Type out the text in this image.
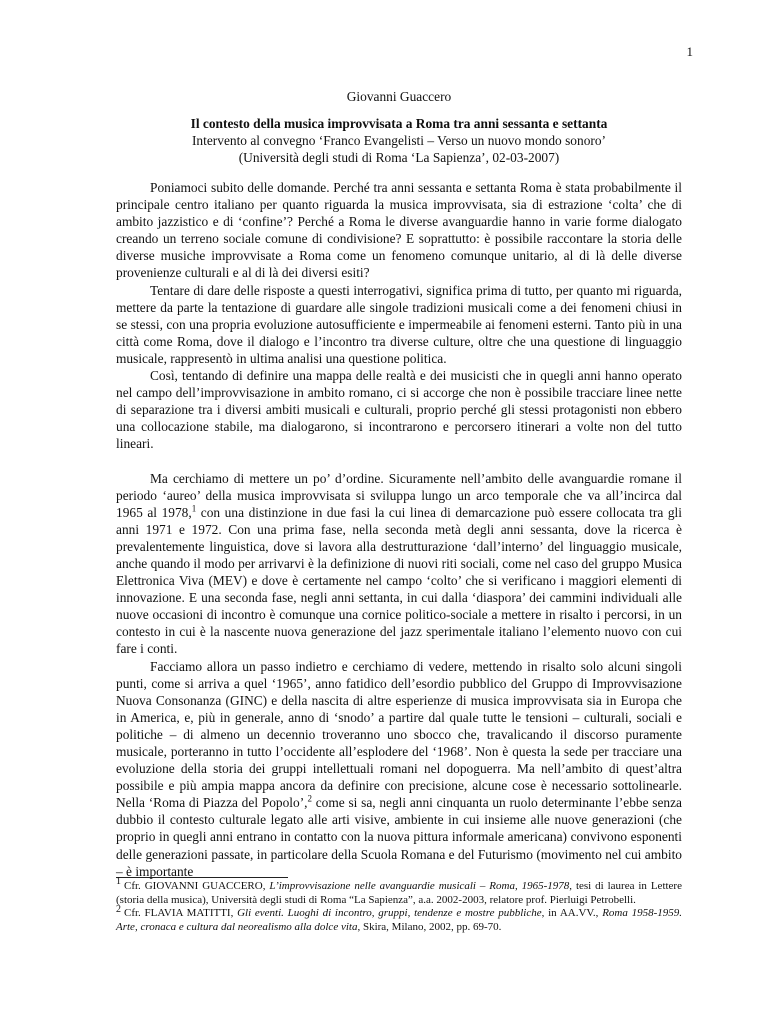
1

Giovanni Guaccero

Il contesto della musica improvvisata a Roma tra anni sessanta e settanta

Intervento al convegno ‘Franco Evangelisti – Verso un nuovo mondo sonoro’

(Università degli studi di Roma ‘La Sapienza’, 02-03-2007)

Poniamoci subito delle domande. Perché tra anni sessanta e settanta Roma è stata probabilmente il principale centro italiano per quanto riguarda la musica improvvisata, sia di estrazione ‘colta’ che di ambito jazzistico e di ‘confine’? Perché a Roma le diverse avanguardie hanno in varie forme dialogato creando un terreno sociale comune di condivisione? E soprattutto: è possibile raccontare la storia delle diverse musiche improvvisate a Roma come un fenomeno comunque unitario, al di là delle diverse provenienze culturali e al di là dei diversi esiti?

Tentare di dare delle risposte a questi interrogativi, significa prima di tutto, per quanto mi riguarda, mettere da parte la tentazione di guardare alle singole tradizioni musicali come a dei fenomeni chiusi in se stessi, con una propria evoluzione autosufficiente e impermeabile ai fenomeni esterni. Tanto più in una città come Roma, dove il dialogo e l’incontro tra diverse culture, oltre che una questione di linguaggio musicale, rappresentò in ultima analisi una questione politica.

Così, tentando di definire una mappa delle realtà e dei musicisti che in quegli anni hanno operato nel campo dell’improvvisazione in ambito romano, ci si accorge che non è possibile tracciare linee nette di separazione tra i diversi ambiti musicali e culturali, proprio perché gli stessi protagonisti non ebbero una collocazione stabile, ma dialogarono, si incontrarono e percorsero itinerari a volte non del tutto lineari.

Ma cerchiamo di mettere un po’ d’ordine. Sicuramente nell’ambito delle avanguardie romane il periodo ‘aureo’ della musica improvvisata si sviluppa lungo un arco temporale che va all’incirca dal 1965 al 1978,$^1$ con una distinzione in due fasi la cui linea di demarcazione può essere collocata tra gli anni 1971 e 1972. Con una prima fase, nella seconda metà degli anni sessanta, dove la ricerca è prevalentemente linguistica, dove si lavora alla destrutturazione ‘dall’interno’ del linguaggio musicale, anche quando il modo per arrivarvi è la definizione di nuovi riti sociali, come nel caso del gruppo Musica Elettronica Viva (MEV) e dove è certamente nel campo ‘colto’ che si verificano i maggiori elementi di innovazione. E una seconda fase, negli anni settanta, in cui dalla ‘diaspora’ dei cammini individuali alle nuove occasioni di incontro è comunque una cornice politico-sociale a mettere in risalto i percorsi, in un contesto in cui è la nascente nuova generazione del jazz sperimentale italiano l’elemento nuovo con cui fare i conti.

Facciamo allora un passo indietro e cerchiamo di vedere, mettendo in risalto solo alcuni singoli punti, come si arriva a quel ‘1965’, anno fatidico dell’esordio pubblico del Gruppo di Improvvisazione Nuova Consonanza (GINC) e della nascita di altre esperienze di musica improvvisata sia in Europa che in America, e, più in generale, anno di ‘snodo’ a partire dal quale tutte le tensioni – culturali, sociali e politiche – di almeno un decennio troveranno uno sbocco che, travalicando il discorso puramente musicale, porteranno in tutto l’occidente all’esplodere del ‘1968’. Non è questa la sede per tracciare una evoluzione della storia dei gruppi intellettuali romani nel dopoguerra. Ma nell’ambito di quest’altra possibile e più ampia mappa ancora da definire con precisione, alcune cose è necessario sottolinearle. Nella ‘Roma di Piazza del Popolo’,$^2$ come si sa, negli anni cinquanta un ruolo determinante l’ebbe senza dubbio il contesto culturale legato alle arti visive, ambiente in cui insieme alle nuove generazioni (che proprio in quegli anni entrano in contatto con la nuova pittura informale americana) convivono esponenti delle generazioni passate, in particolare della Scuola Romana e del Futurismo (movimento nel cui ambito – è importante

1 Cfr. GIOVANNI GUACCERO, L’improvvisazione nelle avanguardie musicali – Roma, 1965-1978, tesi di laurea in Lettere (storia della musica), Università degli studi di Roma “La Sapienza”, a.a. 2002-2003, relatore prof. Pierluigi Petrobelli.

2 Cfr. FLAVIA MATITTI, Gli eventi. Luoghi di incontro, gruppi, tendenze e mostre pubbliche, in AA.VV., Roma 1958-1959. Arte, cronaca e cultura dal neorealismo alla dolce vita, Skira, Milano, 2002, pp. 69-70.
